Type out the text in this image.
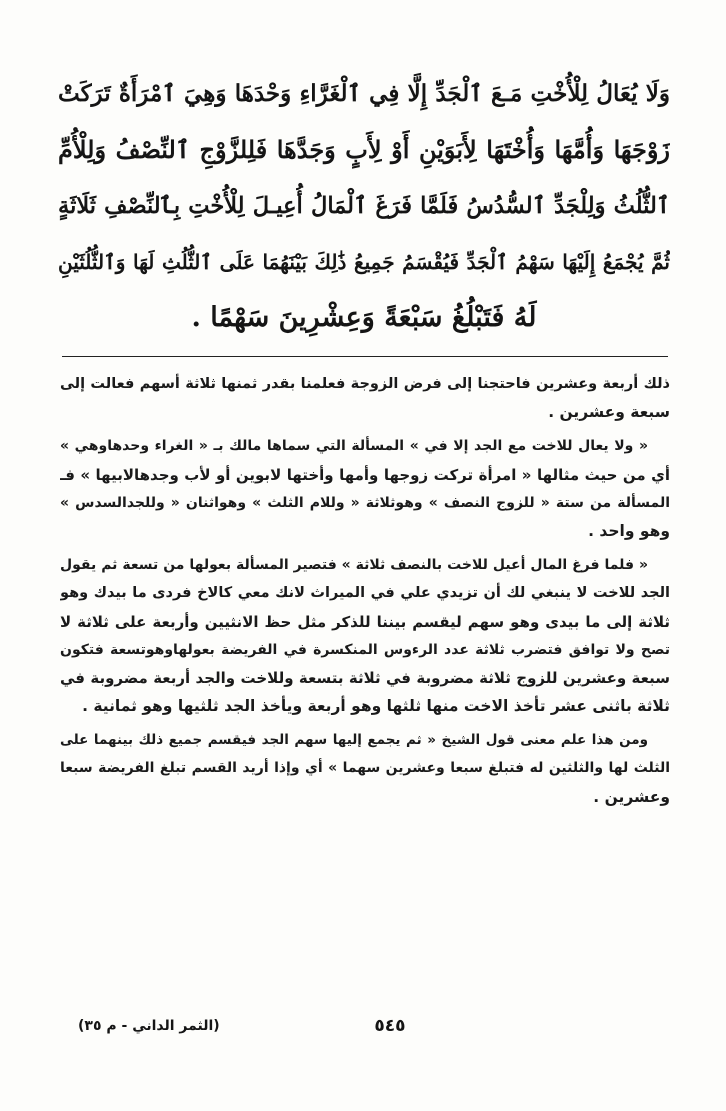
وَلَا يُعَالُ لِلْأُخْتِ مَـعَ ٱلْجَدِّ إِلَّا فِي ٱلْغَرَّاءِ وَحْدَهَا وَهِيَ ٱمْرَأَةٌ تَرَكَتْ
زَوْجَهَا وَأُمَّهَا وَأُخْتَهَا لِأَبَوَيْنِ أَوْ لِأَبٍ وَجَدَّهَا فَلِلزَّوْجِ ٱلنِّصْفُ وَلِلْأُمِّ
ٱلثُّلُثُ وَلِلْجَدِّ ٱلسُّدُسُ فَلَمَّا فَرَغَ ٱلْمَالُ أُعِيـلَ لِلْأُخْتِ بِٱلنِّصْفِ ثَلَاثَةٍ
ثُمَّ يُجْمَعُ إِلَيْهَا سَهْمُ ٱلْجَدِّ فَيُقْسَمُ جَمِيعُ ذَٰلِكَ بَيْنَهُمَا عَلَى ٱلثُّلُثِ لَهَا وَٱلثُّلُثَيْنِ
لَهُ فَتَبْلُغُ سَبْعَةً وَعِشْرِينَ سَهْمًا .
ذلك أربعة وعشرين فاحتجنا إلى فرض الزوجة فعلمنا بقدر ثمنها ثلاثة أسهم فعالت إلى
سبعة وعشرين .
« ولا يعال للاخت مع الجد إلا في » المسألة التي سماها مالك بـ « الغراء وحدهاوهي »
أي من حيث مثالها « امرأة تركت زوجها وأمها وأختها لابوين أو لأب وجدهالابيها » فـ
المسألة من ستة « للزوج النصف » وهوثلاثة « وللام الثلث » وهواثنان « وللجدالسدس »
وهو واحد .
« فلما فرغ المال أعيل للاخت بالنصف ثلاثة » فتصير المسألة بعولها من تسعة ثم يقول
الجد للاخت لا ينبغي لك أن تزيدي علي في الميراث لانك معي كالاخ فردى ما بيدك وهو
ثلاثة إلى ما بيدى وهو سهم ليقسم بيننا للذكر مثل حظ الانثيين وأربعة على ثلاثة لا
تصح ولا توافق فتضرب ثلاثة عدد الرءوس المنكسرة في الفريضة بعولهاوهوتسعة فتكون
سبعة وعشرين للزوج ثلاثة مضروبة في ثلاثة بتسعة وللاخت والجد أربعة مضروبة في
ثلاثة باثنى عشر تأخذ الاخت منها ثلثها وهو أربعة ويأخذ الجد ثلثيها وهو ثمانية .
ومن هذا علم معنى قول الشيخ « ثم يجمع إليها سهم الجد فيقسم جميع ذلك بينهما على
الثلث لها والثلثين له فتبلغ سبعا وعشرين سهما » أي وإذا أريد القسم تبلغ الفريضة سبعا
وعشرين .
٥٤٥
(الثمر الداني - م ٣٥)
